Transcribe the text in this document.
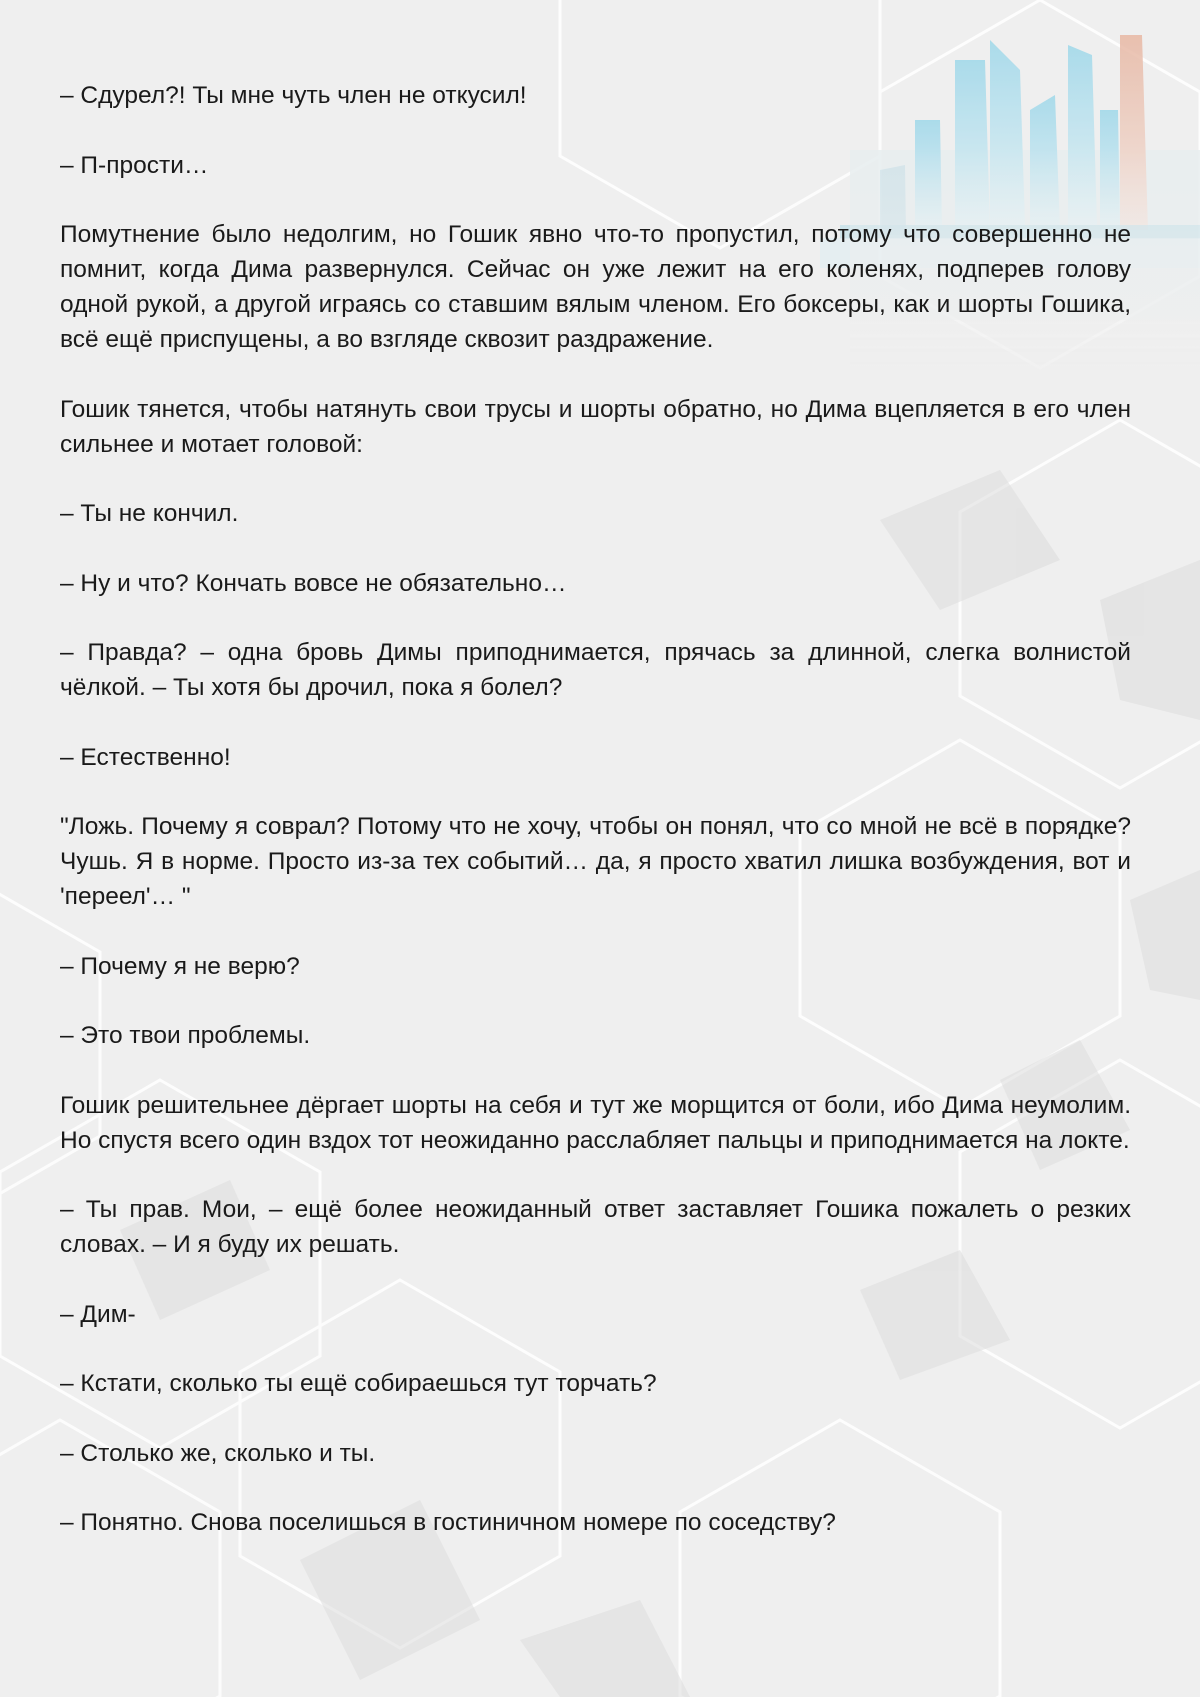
– Сдурел?! Ты мне чуть член не откусил!

– П-прости…

Помутнение было недолгим, но Гошик явно что-то пропустил, потому что совершенно не помнит, когда Дима развернулся. Сейчас он уже лежит на его коленях, подперев голову одной рукой, а другой играясь со ставшим вялым членом. Его боксеры, как и шорты Гошика, всё ещё приспущены, а во взгляде сквозит раздражение.

Гошик тянется, чтобы натянуть свои трусы и шорты обратно, но Дима вцепляется в его член сильнее и мотает головой:

– Ты не кончил.

– Ну и что? Кончать вовсе не обязательно…

– Правда? – одна бровь Димы приподнимается, прячась за длинной, слегка волнистой чёлкой. – Ты хотя бы дрочил, пока я болел?

– Естественно!

"Ложь. Почему я соврал? Потому что не хочу, чтобы он понял, что со мной не всё в порядке? Чушь. Я в норме. Просто из-за тех событий… да, я просто хватил лишка возбуждения, вот и 'переел'… "

– Почему я не верю?

– Это твои проблемы.

Гошик решительнее дёргает шорты на себя и тут же морщится от боли, ибо Дима неумолим. Но спустя всего один вздох тот неожиданно расслабляет пальцы и приподнимается на локте.

– Ты прав. Мои, – ещё более неожиданный ответ заставляет Гошика пожалеть о резких словах. – И я буду их решать.

– Дим-

– Кстати, сколько ты ещё собираешься тут торчать?

– Столько же, сколько и ты.

– Понятно. Снова поселишься в гостиничном номере по соседству?
